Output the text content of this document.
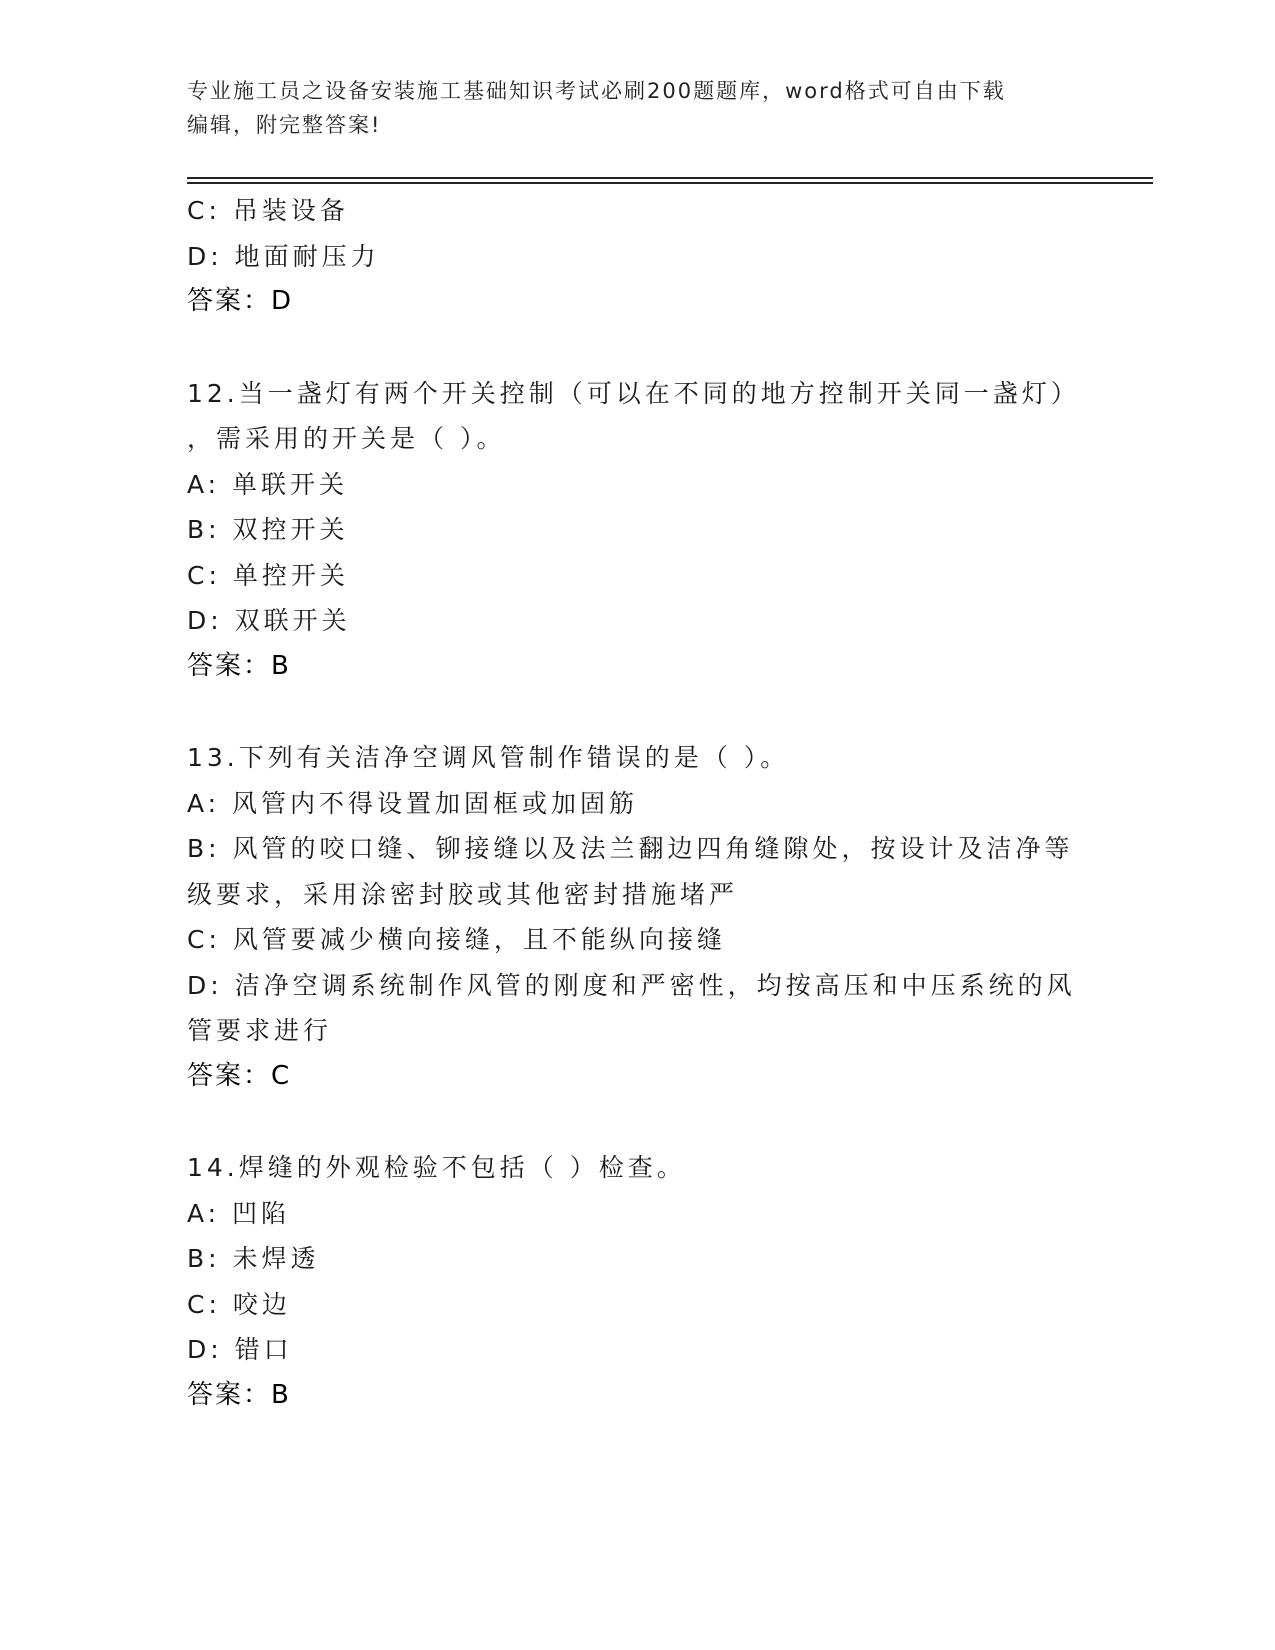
专业施工员之设备安装施工基础知识考试必刷200题题库，word格式可自由下载
编辑，附完整答案!
C: 吊装设备
D: 地面耐压力
答案：D
12.当一盏灯有两个开关控制（可以在不同的地方控制开关同一盏灯）
，需采用的开关是（ ）。
A: 单联开关
B: 双控开关
C: 单控开关
D: 双联开关
答案：B
13.下列有关洁净空调风管制作错误的是（ ）。
A: 风管内不得设置加固框或加固筋
B: 风管的咬口缝、铆接缝以及法兰翻边四角缝隙处，按设计及洁净等
级要求，采用涂密封胶或其他密封措施堵严
C: 风管要减少横向接缝，且不能纵向接缝
D: 洁净空调系统制作风管的刚度和严密性，均按高压和中压系统的风
管要求进行
答案：C
14.焊缝的外观检验不包括（ ）检查。
A: 凹陷
B: 未焊透
C: 咬边
D: 错口
答案：B
